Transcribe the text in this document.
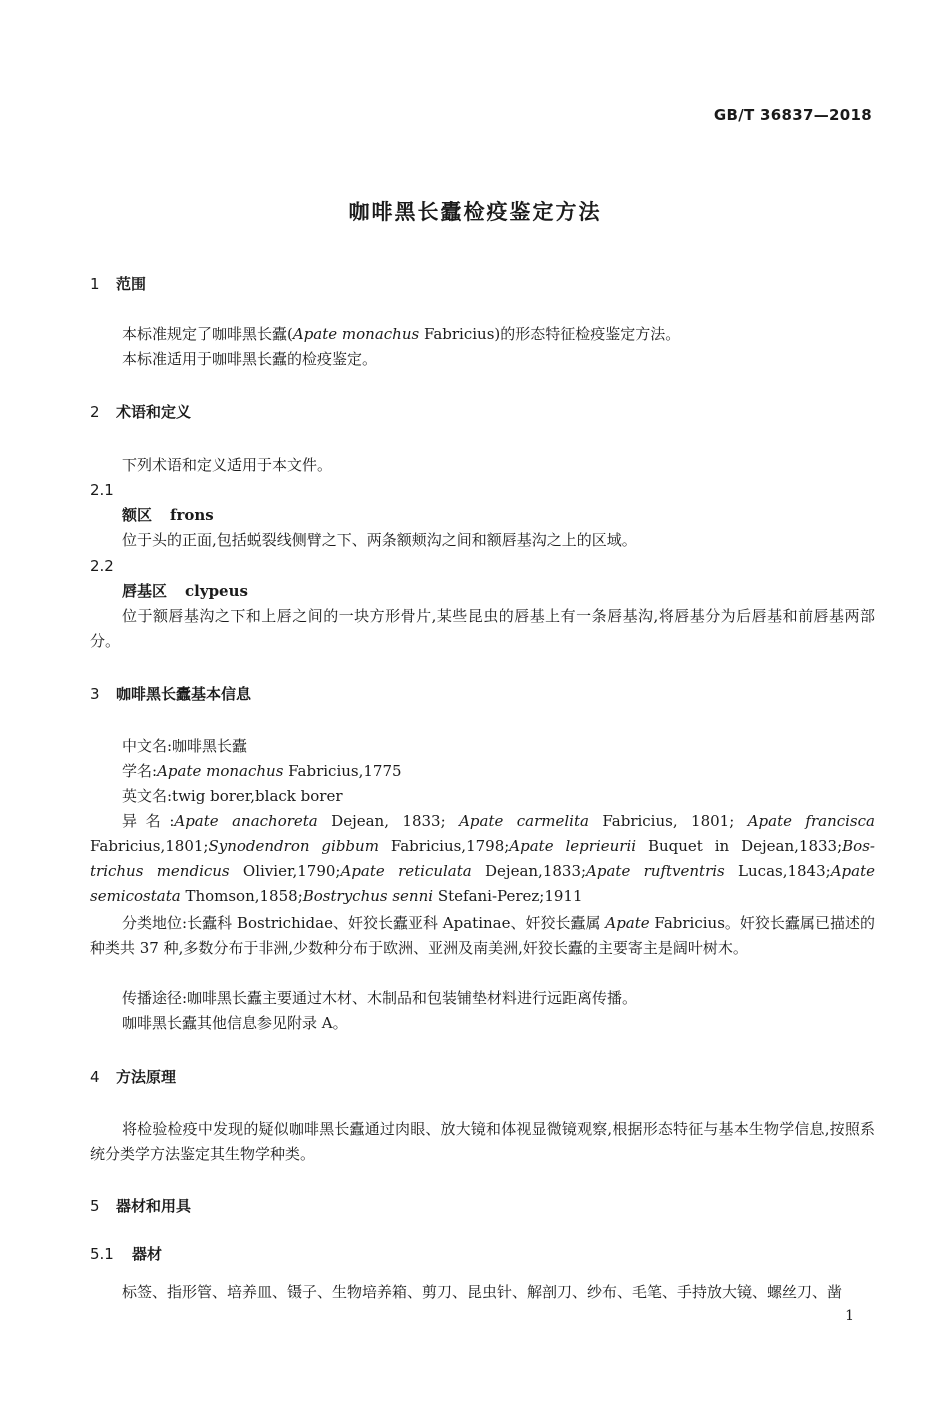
GB/T 36837—2018
咖啡黑长蠹检疫鉴定方法
1 范围
本标准规定了咖啡黑长蠹(Apate monachus Fabricius)的形态特征检疫鉴定方法。
本标准适用于咖啡黑长蠹的检疫鉴定。
2 术语和定义
下列术语和定义适用于本文件。
2.1
额区 frons
位于头的正面,包括蜕裂线侧臂之下、两条额颊沟之间和额唇基沟之上的区域。
2.2
唇基区 clypeus
位于额唇基沟之下和上唇之间的一块方形骨片,某些昆虫的唇基上有一条唇基沟,将唇基分为后唇基和前唇基两部分。
3 咖啡黑长蠹基本信息
中文名:咖啡黑长蠹
学名:Apate monachus Fabricius,1775
英文名:twig borer,black borer
异名:Apate anachoreta Dejean, 1833; Apate carmelita Fabricius, 1801; Apate francisca
Fabricius,1801;Synodendron gibbum Fabricius,1798;Apate leprieurii Buquet in Dejean,1833;Bos-
trichus mendicus Olivier,1790;Apate reticulata Dejean,1833;Apate ruftventris Lucas,1843;Apate
semicostata Thomson,1858;Bostrychus senni Stefani-Perez;1911
分类地位:长蠹科 Bostrichidae、奸狡长蠹亚科 Apatinae、奸狡长蠹属 Apate Fabricius。奸狡长蠹属已描述的种类共 37 种,多数分布于非洲,少数种分布于欧洲、亚洲及南美洲,奸狡长蠹的主要寄主是阔叶树木。
传播途径:咖啡黑长蠹主要通过木材、木制品和包装铺垫材料进行远距离传播。
咖啡黑长蠹其他信息参见附录 A。
4 方法原理
将检验检疫中发现的疑似咖啡黑长蠹通过肉眼、放大镜和体视显微镜观察,根据形态特征与基本生物学信息,按照系统分类学方法鉴定其生物学种类。
5 器材和用具
5.1 器材
标签、指形管、培养皿、镊子、生物培养箱、剪刀、昆虫针、解剖刀、纱布、毛笔、手持放大镜、螺丝刀、凿
1
